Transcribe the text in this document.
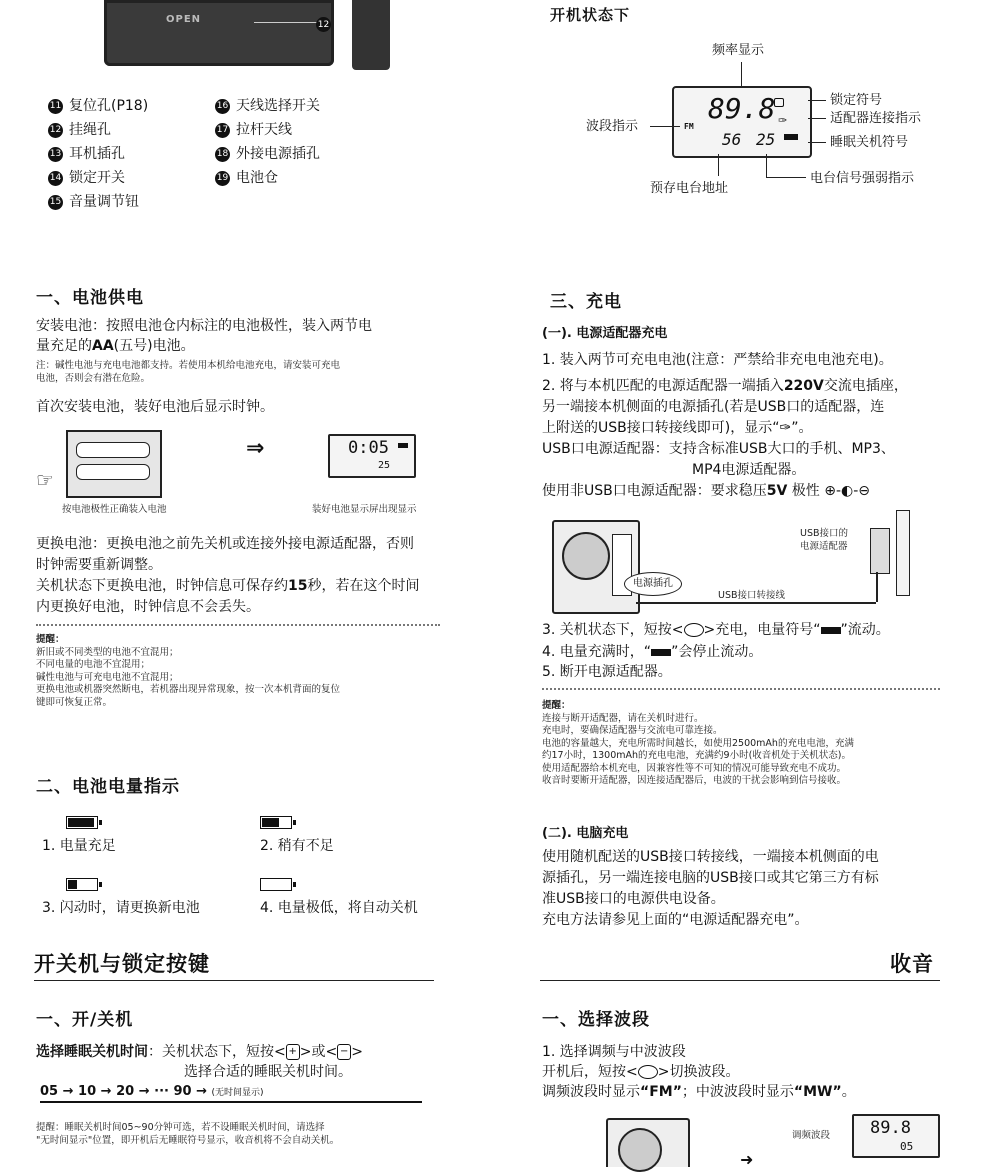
OPEN	12
11 复位孔(P18)
12 挂绳孔
13 耳机插孔
14 锁定开关
15 音量调节钮
16 天线选择开关
17 拉杆天线
18 外接电源插孔
19 电池仓
开机状态下
频率显示
FM
89.8
56 25
✑
波段指示
锁定符号
适配器连接指示
睡眠关机符号
预存电台地址
电台信号强弱指示
一、电池供电
安装电池：按照电池仓内标注的电池极性，装入两节电
量充足的AA(五号)电池。
注：碱性电池与充电电池都支持。若使用本机给电池充电，请安装可充电
电池，否则会有潜在危险。
首次安装电池，装好电池后显示时钟。
☞
⇒	0:05
25
按电池极性正确装入电池	装好电池显示屏出现显示
更换电池：更换电池之前先关机或连接外接电源适配器，否则
时钟需要重新调整。
关机状态下更换电池，时钟信息可保存约15秒，若在这个时间
内更换好电池，时钟信息不会丢失。
提醒：
新旧或不同类型的电池不宜混用；
不同电量的电池不宜混用；
碱性电池与可充电电池不宜混用；
更换电池或机器突然断电，若机器出现异常现象，按一次本机背面的复位
键即可恢复正常。
二、电池电量指示
1. 电量充足	2. 稍有不足
3. 闪动时，请更换新电池	4. 电量极低，将自动关机
开关机与锁定按键
一、开/关机
选择睡眠关机时间：关机状态下，短按< + >或< − >
选择合适的睡眠关机时间。
05 → 10 → 20 → ··· 90 → (无时间显示)
提醒：睡眠关机时间05~90分钟可选，若不设睡眠关机时间，请选择
"无时间显示"位置，即开机后无睡眠符号显示，收音机将不会自动关机。
三、充电
(一). 电源适配器充电
1. 装入两节可充电电池(注意：严禁给非充电电池充电)。
2. 将与本机匹配的电源适配器一端插入220V交流电插座，
另一端接本机侧面的电源插孔(若是USB口的适配器，连
上附送的USB接口转接线即可)，显示“✑”。
USB口电源适配器：支持含标准USB大口的手机、MP3、
MP4电源适配器。
使用非USB口电源适配器：要求稳压5V 极性 ⊕-◐-⊖
电源插孔
USB接口转接线
USB接口的
电源适配器
3. 关机状态下，短按< >充电，电量符号“ ”流动。
4. 电量充满时，“ ”会停止流动。
5. 断开电源适配器。
提醒：
连接与断开适配器，请在关机时进行。
充电时，要确保适配器与交流电可靠连接。
电池的容量越大，充电所需时间越长，如使用2500mAh的充电电池，充满
约17小时，1300mAh的充电电池，充满约9小时(收音机处于关机状态)。
使用适配器给本机充电，因兼容性等不可知的情况可能导致充电不成功。
收音时要断开适配器，因连接适配器后，电波的干扰会影响到信号接收。
(二). 电脑充电
使用随机配送的USB接口转接线，一端接本机侧面的电
源插孔，另一端连接电脑的USB接口或其它第三方有标
准USB接口的电源供电设备。
充电方法请参见上面的“电源适配器充电”。
收音
一、选择波段
1. 选择调频与中波波段
开机后，短按< >切换波段。
调频波段时显示“FM”；中波波段时显示“MW”。
➜
调频波段 89.8
05
